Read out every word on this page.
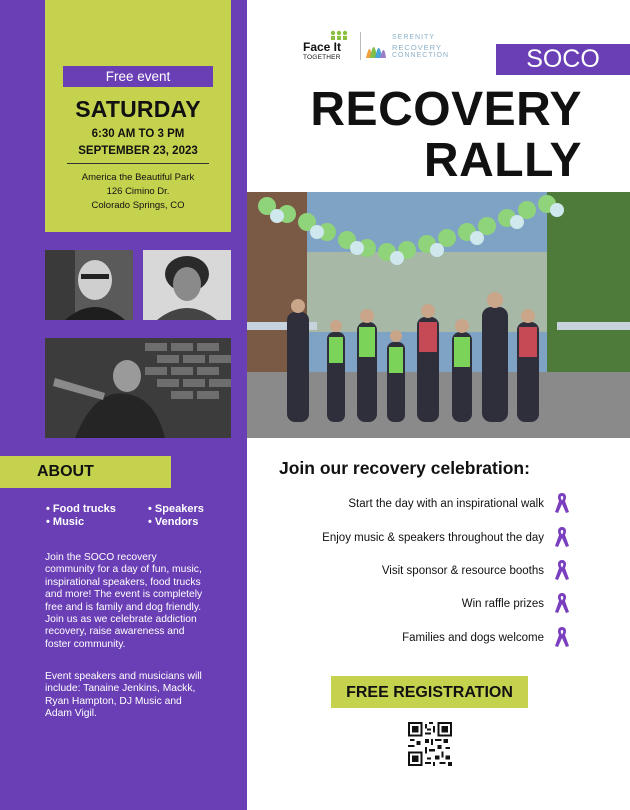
Free event
SATURDAY
6:30 AM TO 3 PM
SEPTEMBER 23, 2023
America the Beautiful Park
126 Cimino Dr.
Colorado Springs, CO
ABOUT
• Food trucks
• Music
• Speakers
• Vendors
Join the SOCO recovery
community for a day of fun, music,
inspirational speakers, food trucks
and more! The event is completely
free and is family and dog friendly.
Join us as we celebrate addiction
recovery, raise awareness and
foster community.
Event speakers and musicians will
include: Tanaine Jenkins, Mackk,
Ryan Hampton, DJ Music and
Adam Vigil.
Face It
TOGETHER
SERENITY
RECOVERY
CONNECTION	SOCO
RECOVERY
RALLY
Join our recovery celebration:
Start the day with an inspirational walk
Enjoy music & speakers throughout the day
Visit sponsor & resource booths
Win raffle prizes
Families and dogs welcome
FREE REGISTRATION
